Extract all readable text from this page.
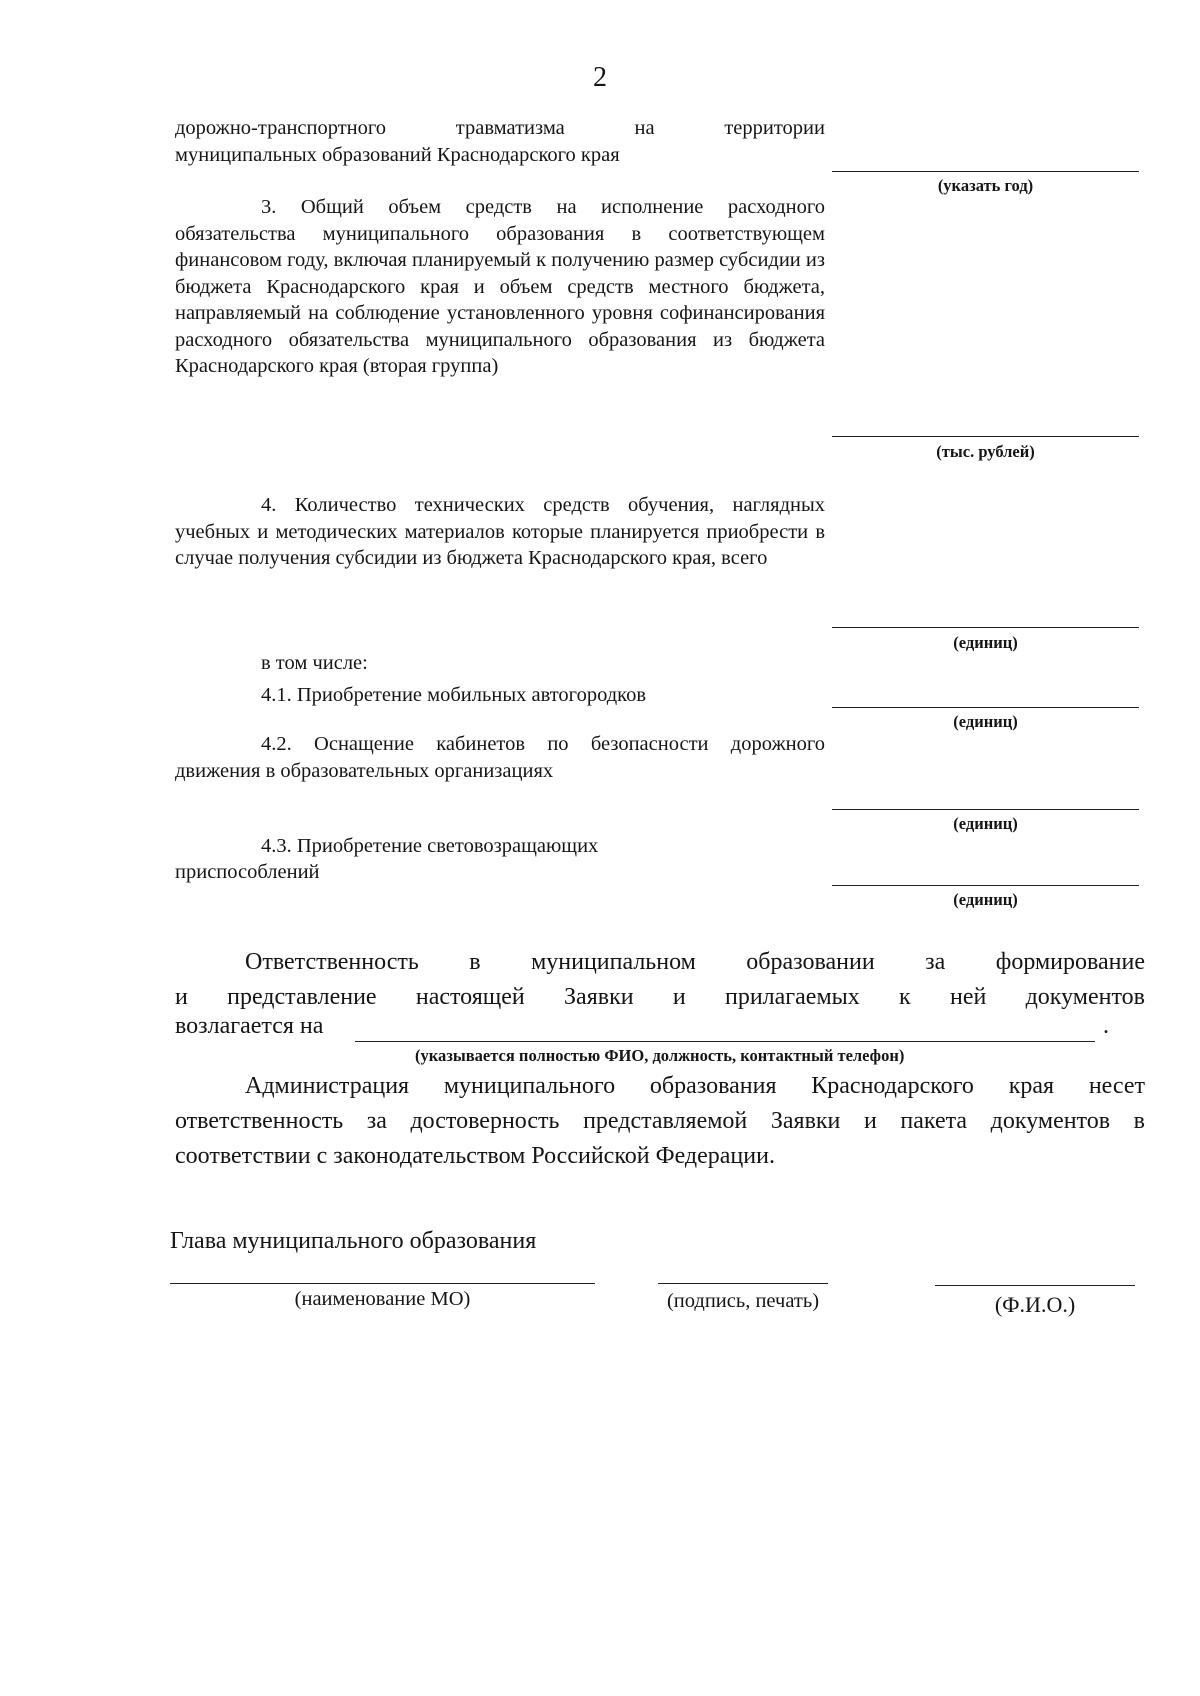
2
дорожно-транспортного травматизма на территории
муниципальных образований Краснодарского края
(указать год)
3. Общий объем средств на исполнение расходного обязательства муниципального образования в соответствующем финансовом году, включая планируемый к получению размер субсидии из бюджета Краснодарского края и объем средств местного бюджета, направляемый на соблюдение установленного уровня софинансирования расходного обязательства муниципального образования из бюджета Краснодарского края (вторая группа)
(тыс. рублей)
4. Количество технических средств обучения, наглядных учебных и методических материалов которые планируется приобрести в случае получения субсидии из бюджета Краснодарского края, всего
(единиц)
в том числе:
4.1. Приобретение мобильных автогородков
(единиц)
4.2. Оснащение кабинетов по безопасности дорожного движения в образовательных организациях
(единиц)
4.3. Приобретение световозращающих
приспособлений
(единиц)
Ответственность в муниципальном образовании за формирование
и представление настоящей Заявки и прилагаемых к ней документов
возлагается на	.
(указывается полностью ФИО, должность, контактный телефон)
Администрация муниципального образования Краснодарского края несет ответственность за достоверность представляемой Заявки и пакета документов в соответствии с законодательством Российской Федерации.
Глава муниципального образования
(наименование МО)	(подпись, печать)	(Ф.И.О.)
